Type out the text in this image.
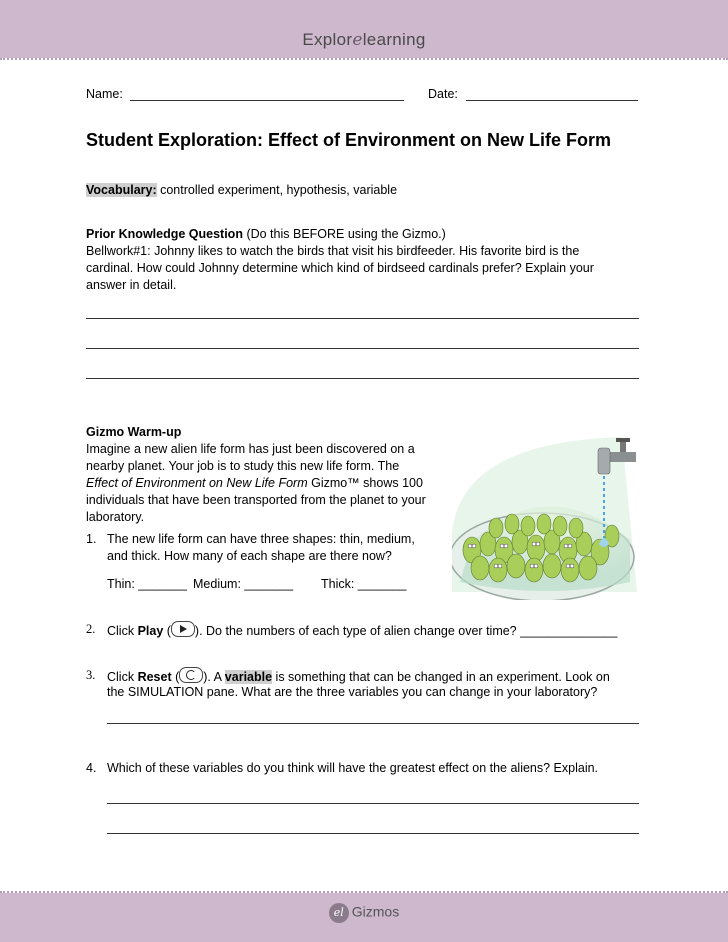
Explorelearning
Name:	Date:
Student Exploration: Effect of Environment on New Life Form
Vocabulary: controlled experiment, hypothesis, variable
Prior Knowledge Question (Do this BEFORE using the Gizmo.)
Bellwork#1: Johnny likes to watch the birds that visit his birdfeeder. His favorite bird is the
cardinal. How could Johnny determine which kind of birdseed cardinals prefer? Explain your
answer in detail.
Gizmo Warm-up
Imagine a new alien life form has just been discovered on a
nearby planet. Your job is to study this new life form. The
Effect of Environment on New Life Form Gizmo™ shows 100
individuals that have been transported from the planet to your
laboratory.
1. The new life form can have three shapes: thin, medium,
and thick. How many of each shape are there now?
Thin: _______ Medium: _______ Thick: _______
2. Click Play ( ). Do the numbers of each type of alien change over time? ______________
3. Click Reset ( ). A variable is something that can be changed in an experiment. Look on
the SIMULATION pane. What are the three variables you can change in your laboratory?
4. Which of these variables do you think will have the greatest effect on the aliens? Explain.
el Gizmos
